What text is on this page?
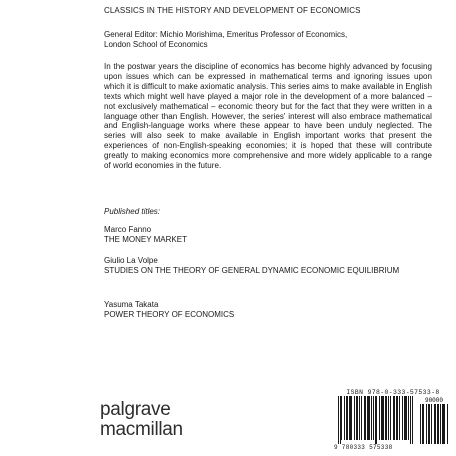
CLASSICS IN THE HISTORY AND DEVELOPMENT OF ECONOMICS
General Editor: Michio Morishima, Emeritus Professor of Economics,
London School of Economics
In the postwar years the discipline of economics has become highly advanced by focusing upon issues which can be expressed in mathematical terms and ignoring issues upon which it is difficult to make axiomatic analysis. This series aims to make available in English texts which might well have played a major role in the development of a more balanced – not exclusively mathematical – economic theory but for the fact that they were written in a language other than English. However, the series' interest will also embrace mathematical and English-language works where these appear to have been unduly neglected. The series will also seek to make available in English important works that present the experiences of non-English-speaking economies; it is hoped that these will contribute greatly to making economics more comprehensive and more widely applicable to a range of world economies in the future.
Published titles:
Marco Fanno
THE MONEY MARKET
Giulio La Volpe
STUDIES ON THE THEORY OF GENERAL DYNAMIC ECONOMIC EQUILIBRIUM
Yasuma Takata
POWER THEORY OF ECONOMICS
palgrave
macmillan
ISBN 978-0-333-57533-8
90000
9 780333 575338
